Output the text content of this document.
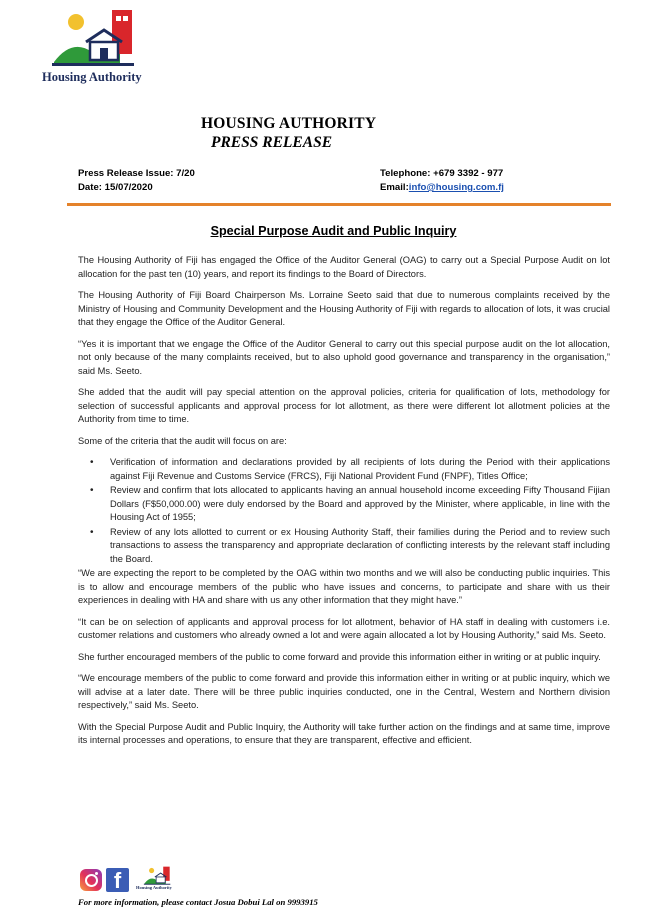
Housing Authority
HOUSING AUTHORITY
PRESS RELEASE
Press Release Issue: 7/20
Date: 15/07/2020
Telephone: +679 3392 - 977
Email:info@housing.com.fj
Special Purpose Audit and Public Inquiry

The Housing Authority of Fiji has engaged the Office of the Auditor General (OAG) to carry out a Special Purpose Audit on lot allocation for the past ten (10) years, and report its findings to the Board of Directors.

The Housing Authority of Fiji Board Chairperson Ms. Lorraine Seeto said that due to numerous complaints received by the Ministry of Housing and Community Development and the Housing Authority of Fiji with regards to allocation of lots, it was crucial that they engage the Office of the Auditor General.

“Yes it is important that we engage the Office of the Auditor General to carry out this special purpose audit on the lot allocation, not only because of the many complaints received, but to also uphold good governance and transparency in the organisation,” said Ms. Seeto.

She added that the audit will pay special attention on the approval policies, criteria for qualification of lots, methodology for selection of successful applicants and approval process for lot allotment, as there were different lot allotment policies at the Authority from time to time.

Some of the criteria that the audit will focus on are:

• Verification of information and declarations provided by all recipients of lots during the Period with their applications against Fiji Revenue and Customs Service (FRCS), Fiji National Provident Fund (FNPF), Titles Office;
• Review and confirm that lots allocated to applicants having an annual household income exceeding Fifty Thousand Fijian Dollars (F$50,000.00) were duly endorsed by the Board and approved by the Minister, where applicable, in line with the Housing Act of 1955;
• Review of any lots allotted to current or ex Housing Authority Staff, their families during the Period and to review such transactions to assess the transparency and appropriate declaration of conflicting interests by the relevant staff including the Board.

“We are expecting the report to be completed by the OAG within two months and we will also be conducting public inquiries. This is to allow and encourage members of the public who have issues and concerns, to participate and share with us their experiences in dealing with HA and share with us any other information that they might have.”

“It can be on selection of applicants and approval process for lot allotment, behavior of HA staff in dealing with customers i.e. customer relations and customers who already owned a lot and were again allocated a lot by Housing Authority,” said Ms. Seeto.

She further encouraged members of the public to come forward and provide this information either in writing or at public inquiry.

“We encourage members of the public to come forward and provide this information either in writing or at public inquiry, which we will advise at a later date. There will be three public inquiries conducted, one in the Central, Western and Northern division respectively,” said Ms. Seeto.

With the Special Purpose Audit and Public Inquiry, the Authority will take further action on the findings and at same time, improve its internal processes and operations, to ensure that they are transparent, effective and efficient.

f	Housing Authority
For more information, please contact Josua Dobui Lal on 9993915
